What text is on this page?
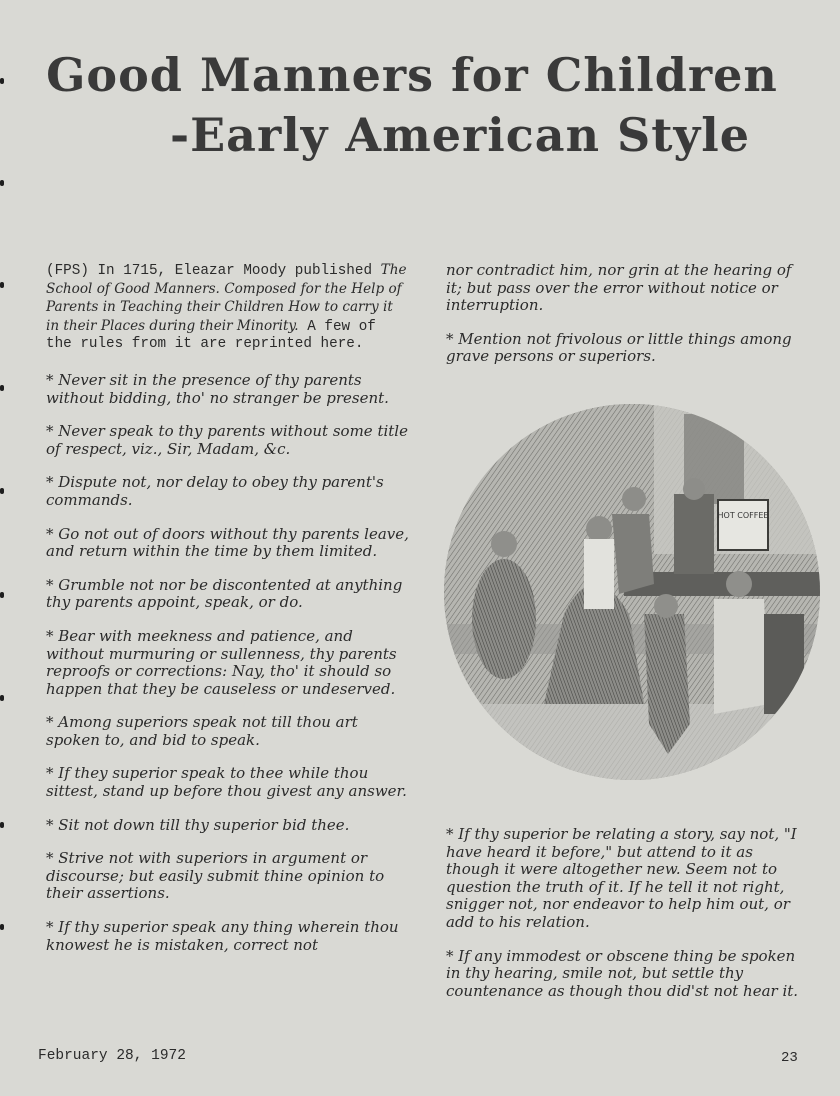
Good Manners for Children
-Early American Style

(FPS) In 1715, Eleazar Moody published The School of Good Manners. Composed for the Help of Parents in Teaching their Children How to carry it in their Places during their Minority. A few of the rules from it are reprinted here.

* Never sit in the presence of thy parents without bidding, tho' no stranger be present.

* Never speak to thy parents without some title of respect, viz., Sir, Madam, &c.

* Dispute not, nor delay to obey thy parent's commands.

* Go not out of doors without thy parents leave, and return within the time by them limited.

* Grumble not nor be discontented at anything thy parents appoint, speak, or do.

* Bear with meekness and patience, and without murmuring or sullenness, thy parents reproofs or corrections: Nay, tho' it should so happen that they be causeless or undeserved.

* Among superiors speak not till thou art spoken to, and bid to speak.

* If they superior speak to thee while thou sittest, stand up before thou givest any answer.

* Sit not down till thy superior bid thee.

* Strive not with superiors in argument or discourse; but easily submit thine opinion to their assertions.

* If thy superior speak any thing wherein thou knowest he is mistaken, correct not

nor contradict him, nor grin at the hearing of it; but pass over the error without notice or interruption.

* Mention not frivolous or little things among grave persons or superiors.

HOT COFFEE

* If thy superior be relating a story, say not, "I have heard it before," but attend to it as though it were altogether new. Seem not to question the truth of it. If he tell it not right, snigger not, nor endeavor to help him out, or add to his relation.

* If any immodest or obscene thing be spoken in thy hearing, smile not, but settle thy countenance as though thou did'st not hear it.

February 28, 1972	23
